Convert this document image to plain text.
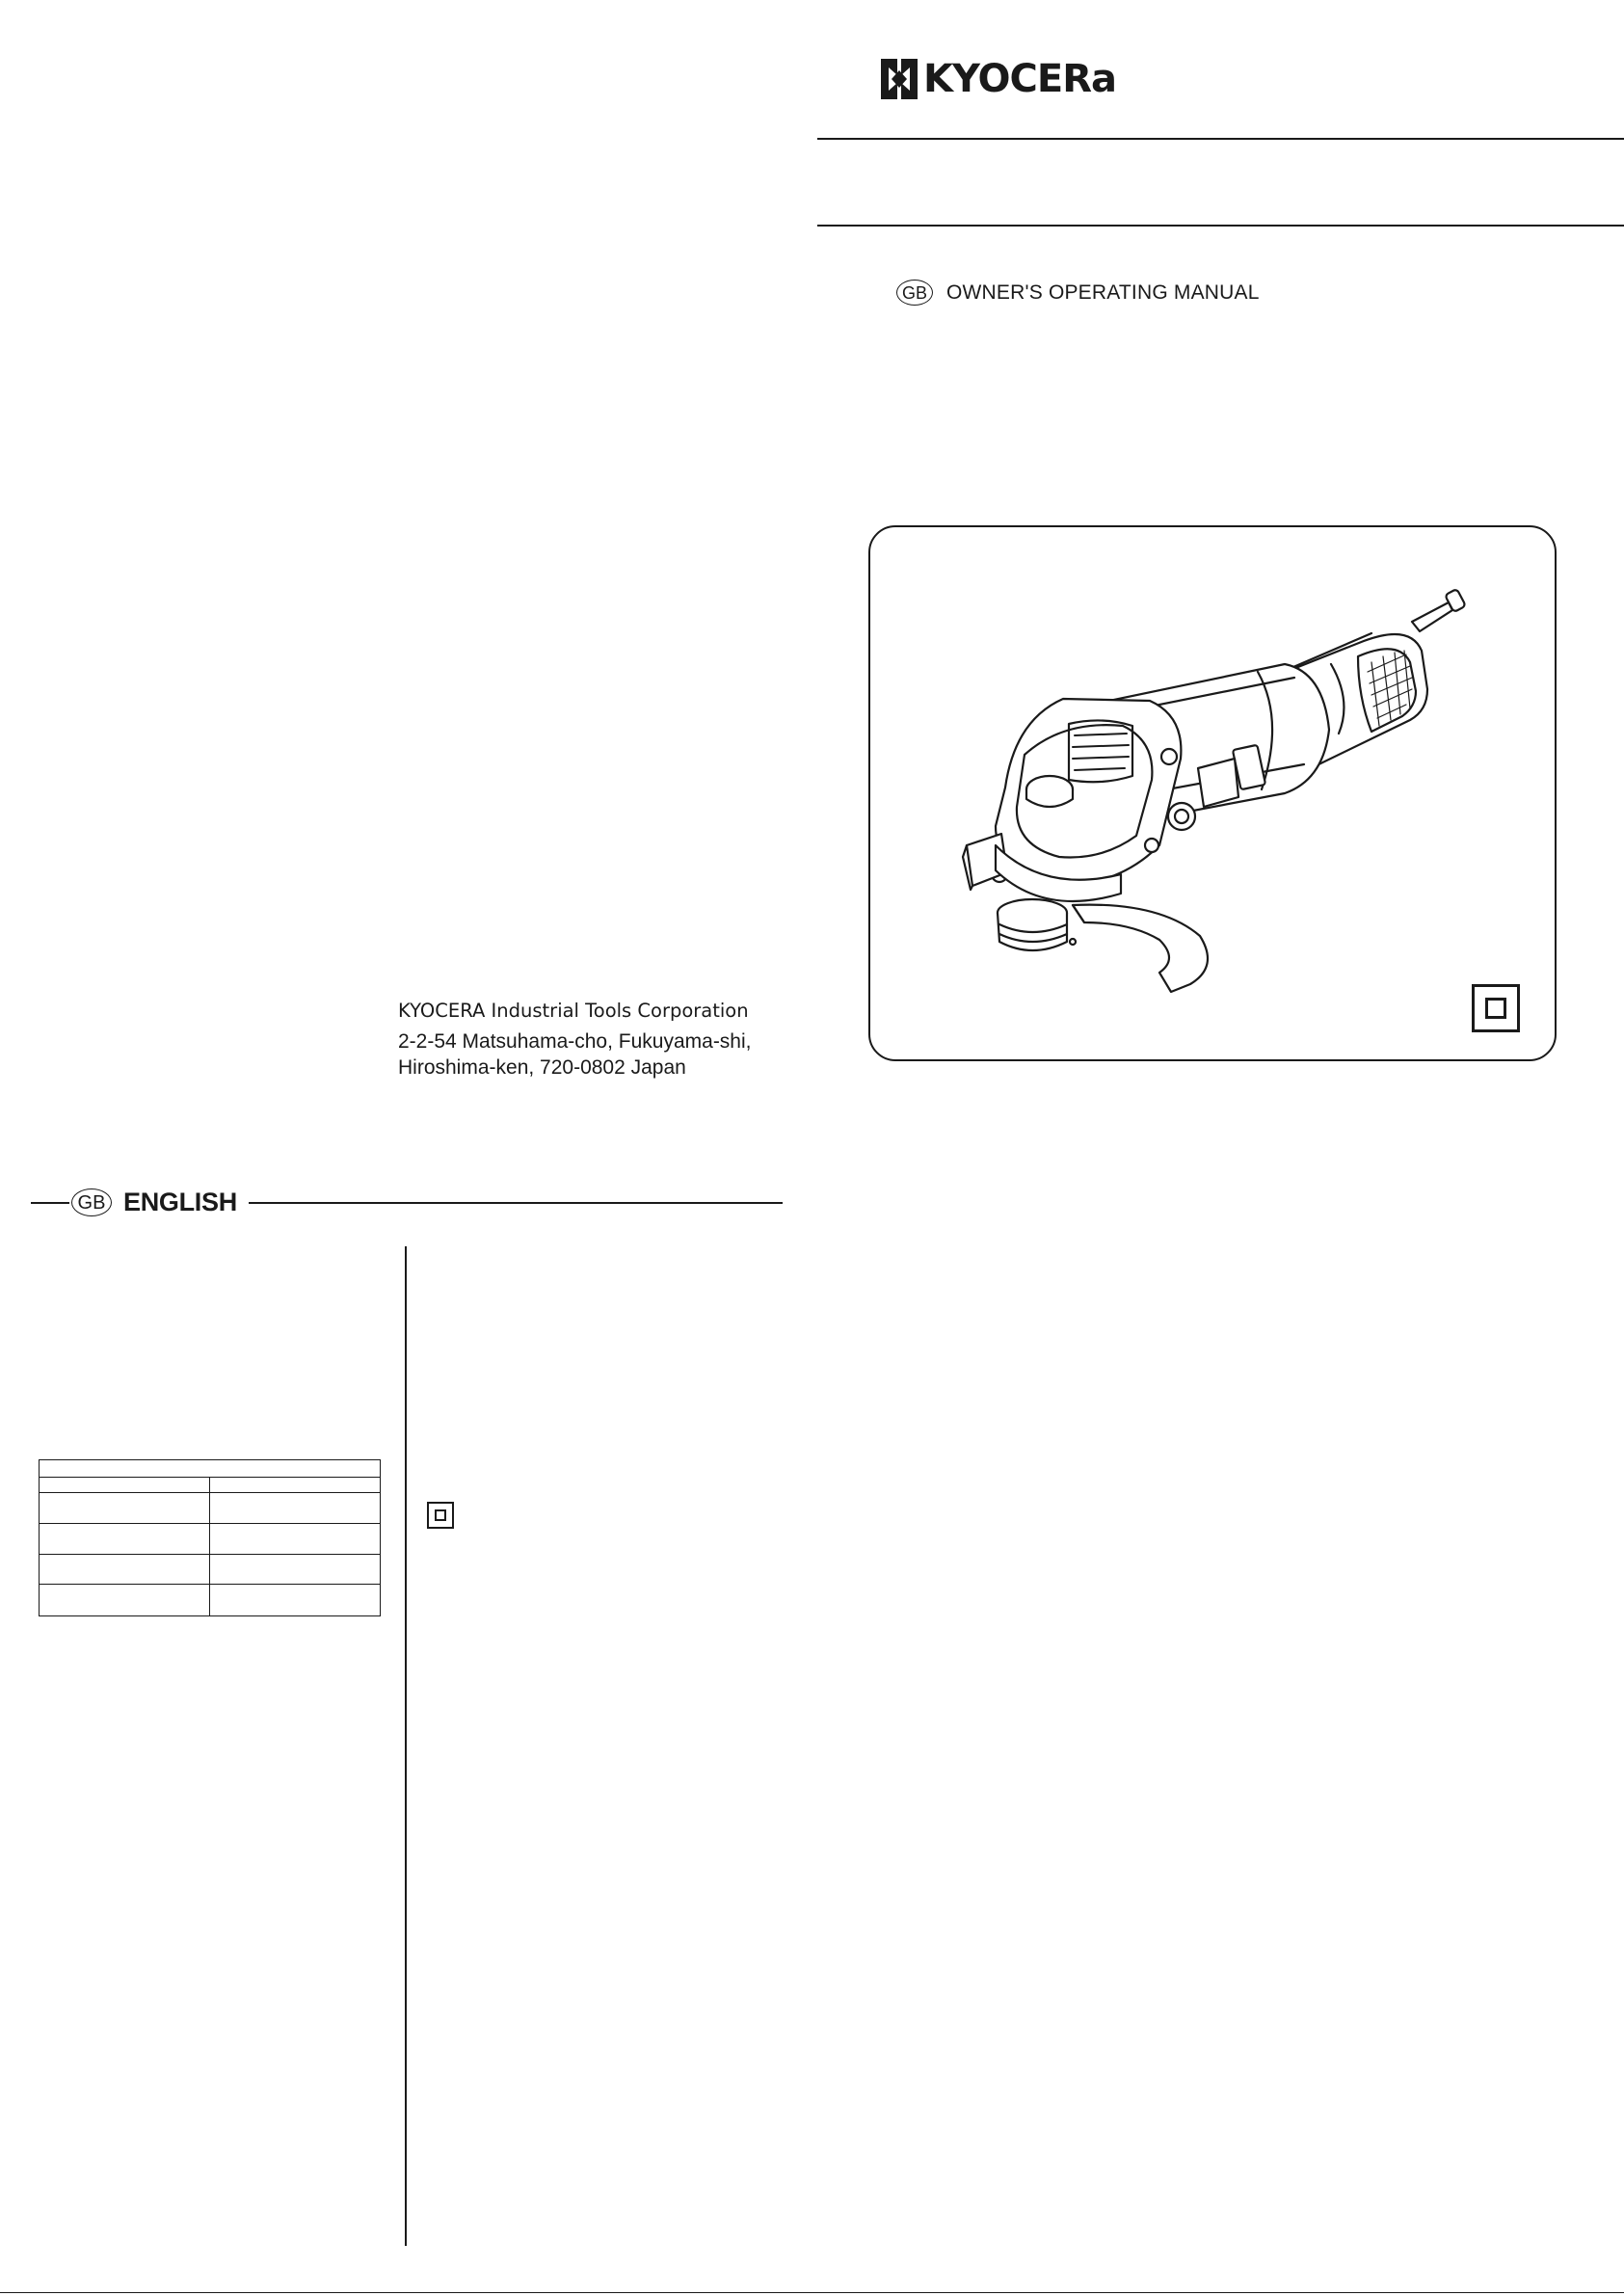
KYOCERa
GB OWNER'S OPERATING MANUAL
KYOCERA Industrial Tools Corporation
2-2-54 Matsuhama-cho, Fukuyama-shi,
Hiroshima-ken, 720-0802 Japan
GB ENGLISH
